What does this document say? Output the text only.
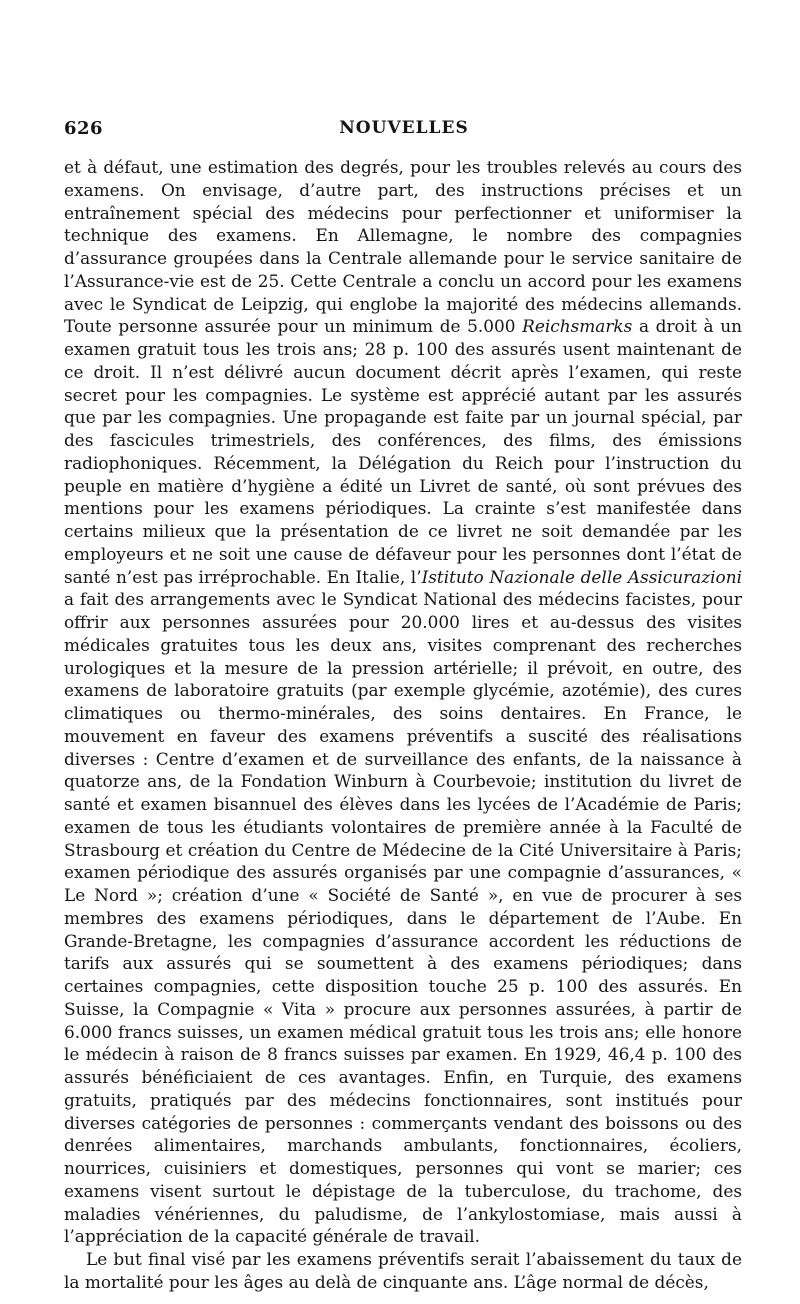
626	NOUVELLES

et à défaut, une estimation des degrés, pour les troubles relevés au cours des examens. On envisage, d’autre part, des instructions précises et un entraînement spécial des médecins pour perfectionner et uniformiser la technique des examens. En Allemagne, le nombre des compagnies d’assurance groupées dans la Centrale allemande pour le service sanitaire de l’Assurance-vie est de 25. Cette Centrale a conclu un accord pour les examens avec le Syndicat de Leipzig, qui englobe la majorité des médecins allemands. Toute personne assurée pour un minimum de 5.000 Reichsmarks a droit à un examen gratuit tous les trois ans; 28 p. 100 des assurés usent maintenant de ce droit. Il n’est délivré aucun document décrit après l’examen, qui reste secret pour les compagnies. Le système est apprécié autant par les assurés que par les compagnies. Une propagande est faite par un journal spécial, par des fascicules trimestriels, des conférences, des films, des émissions radiophoniques. Récemment, la Délégation du Reich pour l’instruction du peuple en matière d’hygiène a édité un Livret de santé, où sont prévues des mentions pour les examens périodiques. La crainte s’est manifestée dans certains milieux que la présentation de ce livret ne soit demandée par les employeurs et ne soit une cause de défaveur pour les personnes dont l’état de santé n’est pas irréprochable. En Italie, l’Istituto Nazionale delle Assicurazioni a fait des arrangements avec le Syndicat National des médecins facistes, pour offrir aux personnes assurées pour 20.000 lires et au-dessus des visites médicales gratuites tous les deux ans, visites comprenant des recherches urologiques et la mesure de la pression artérielle; il prévoit, en outre, des examens de laboratoire gratuits (par exemple glycémie, azotémie), des cures climatiques ou thermo-minérales, des soins dentaires. En France, le mouvement en faveur des examens préventifs a suscité des réalisations diverses : Centre d’examen et de surveillance des enfants, de la naissance à quatorze ans, de la Fondation Winburn à Courbevoie; institution du livret de santé et examen bisannuel des élèves dans les lycées de l’Académie de Paris; examen de tous les étudiants volontaires de première année à la Faculté de Strasbourg et création du Centre de Médecine de la Cité Universitaire à Paris; examen périodique des assurés organisés par une compagnie d’assurances, « Le Nord »; création d’une « Société de Santé », en vue de procurer à ses membres des examens périodiques, dans le département de l’Aube. En Grande-Bretagne, les compagnies d’assurance accordent les réductions de tarifs aux assurés qui se soumettent à des examens périodiques; dans certaines compagnies, cette disposition touche 25 p. 100 des assurés. En Suisse, la Compagnie « Vita » procure aux personnes assurées, à partir de 6.000 francs suisses, un examen médical gratuit tous les trois ans; elle honore le médecin à raison de 8 francs suisses par examen. En 1929, 46,4 p. 100 des assurés bénéficiaient de ces avantages. Enfin, en Turquie, des examens gratuits, pratiqués par des médecins fonctionnaires, sont institués pour diverses catégories de personnes : commerçants vendant des boissons ou des denrées alimentaires, marchands ambulants, fonctionnaires, écoliers, nourrices, cuisiniers et domestiques, personnes qui vont se marier; ces examens visent surtout le dépistage de la tuberculose, du trachome, des maladies vénériennes, du paludisme, de l’ankylostomiase, mais aussi à l’appréciation de la capacité générale de travail.

Le but final visé par les examens préventifs serait l’abaissement du taux de la mortalité pour les âges au delà de cinquante ans. L’âge normal de décès,
